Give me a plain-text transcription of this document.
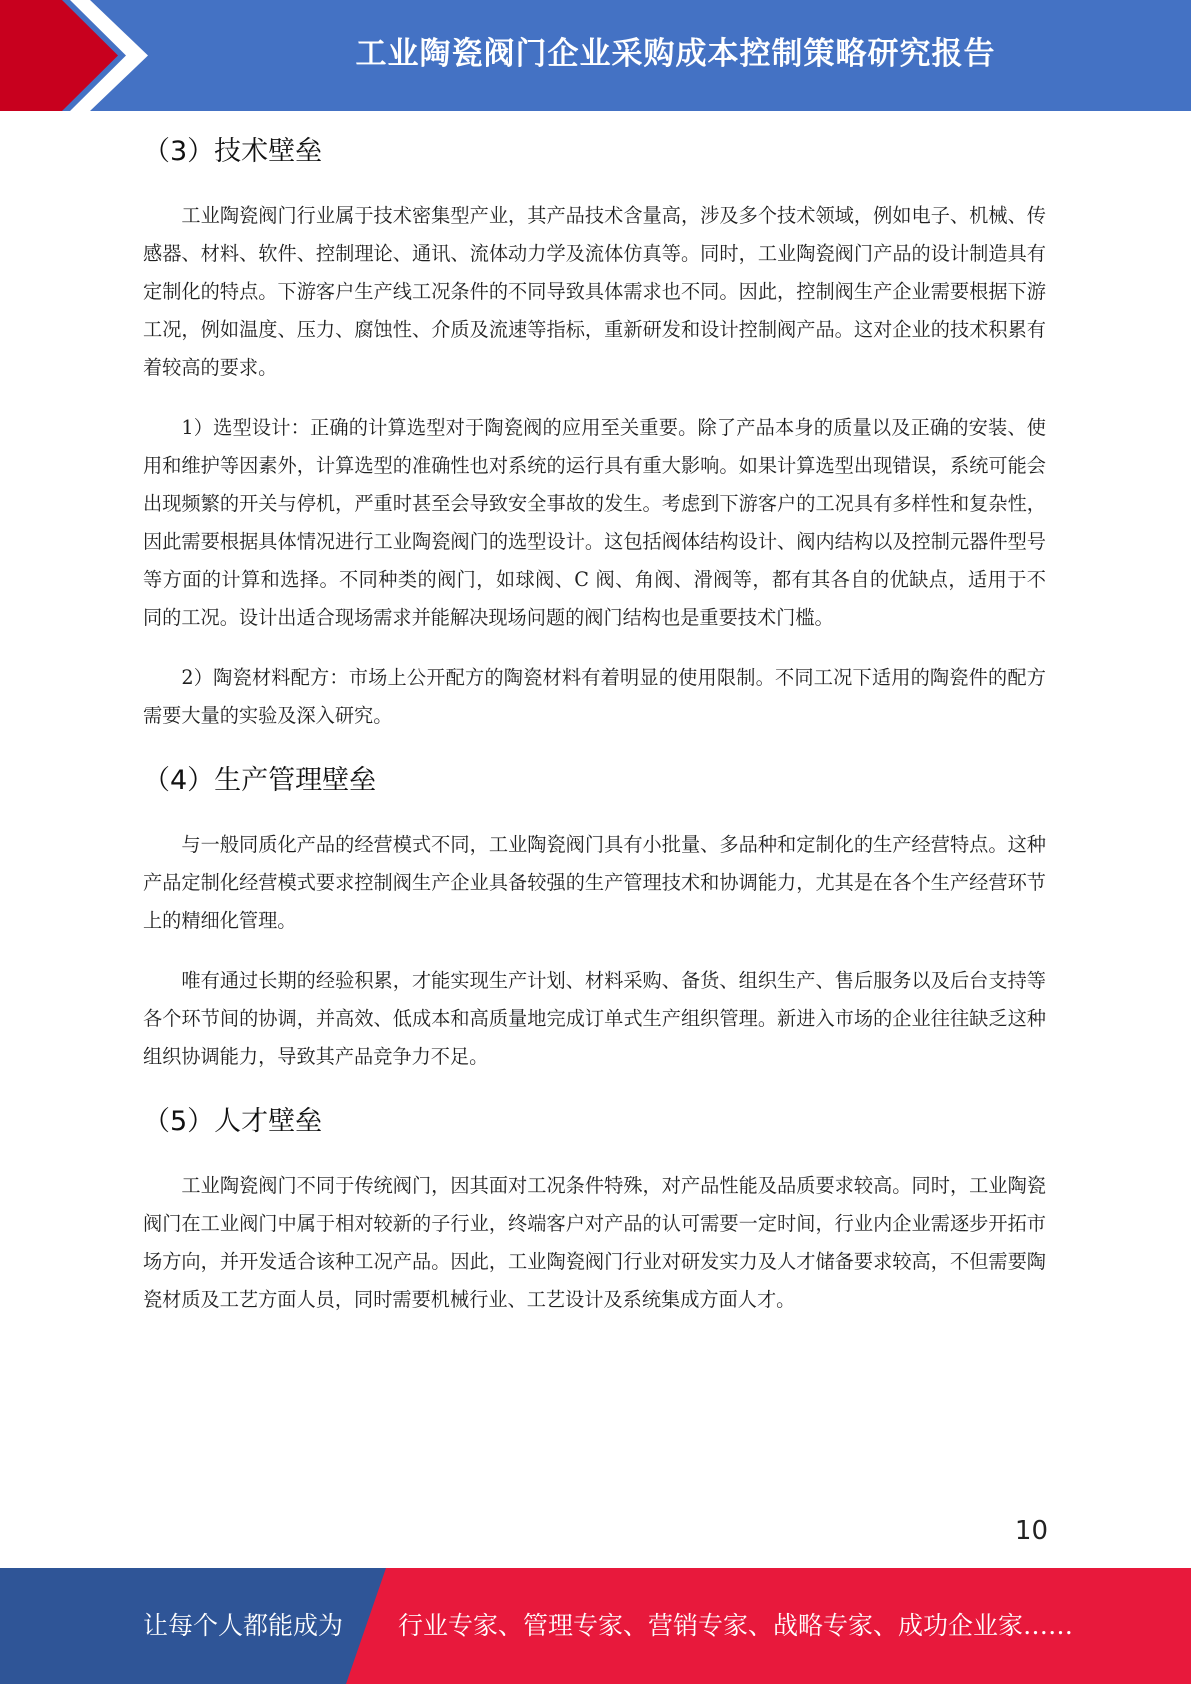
工业陶瓷阀门企业采购成本控制策略研究报告
（3）技术壁垒

工业陶瓷阀门行业属于技术密集型产业，其产品技术含量高，涉及多个技术领域，例如电子、机械、传感器、材料、软件、控制理论、通讯、流体动力学及流体仿真等。同时，工业陶瓷阀门产品的设计制造具有定制化的特点。下游客户生产线工况条件的不同导致具体需求也不同。因此，控制阀生产企业需要根据下游工况，例如温度、压力、腐蚀性、介质及流速等指标，重新研发和设计控制阀产品。这对企业的技术积累有着较高的要求。

1）选型设计：正确的计算选型对于陶瓷阀的应用至关重要。除了产品本身的质量以及正确的安装、使用和维护等因素外，计算选型的准确性也对系统的运行具有重大影响。如果计算选型出现错误，系统可能会出现频繁的开关与停机，严重时甚至会导致安全事故的发生。考虑到下游客户的工况具有多样性和复杂性，因此需要根据具体情况进行工业陶瓷阀门的选型设计。这包括阀体结构设计、阀内结构以及控制元器件型号等方面的计算和选择。不同种类的阀门，如球阀、C 阀、角阀、滑阀等，都有其各自的优缺点，适用于不同的工况。设计出适合现场需求并能解决现场问题的阀门结构也是重要技术门槛。

2）陶瓷材料配方：市场上公开配方的陶瓷材料有着明显的使用限制。不同工况下适用的陶瓷件的配方需要大量的实验及深入研究。

（4）生产管理壁垒

与一般同质化产品的经营模式不同，工业陶瓷阀门具有小批量、多品种和定制化的生产经营特点。这种产品定制化经营模式要求控制阀生产企业具备较强的生产管理技术和协调能力，尤其是在各个生产经营环节上的精细化管理。

唯有通过长期的经验积累，才能实现生产计划、材料采购、备货、组织生产、售后服务以及后台支持等各个环节间的协调，并高效、低成本和高质量地完成订单式生产组织管理。新进入市场的企业往往缺乏这种组织协调能力，导致其产品竞争力不足。

（5）人才壁垒

工业陶瓷阀门不同于传统阀门，因其面对工况条件特殊，对产品性能及品质要求较高。同时，工业陶瓷阀门在工业阀门中属于相对较新的子行业，终端客户对产品的认可需要一定时间，行业内企业需逐步开拓市场方向，并开发适合该种工况产品。因此，工业陶瓷阀门行业对研发实力及人才储备要求较高，不但需要陶瓷材质及工艺方面人员，同时需要机械行业、工艺设计及系统集成方面人才。

10
让每个人都能成为 行业专家、管理专家、营销专家、战略专家、成功企业家……
